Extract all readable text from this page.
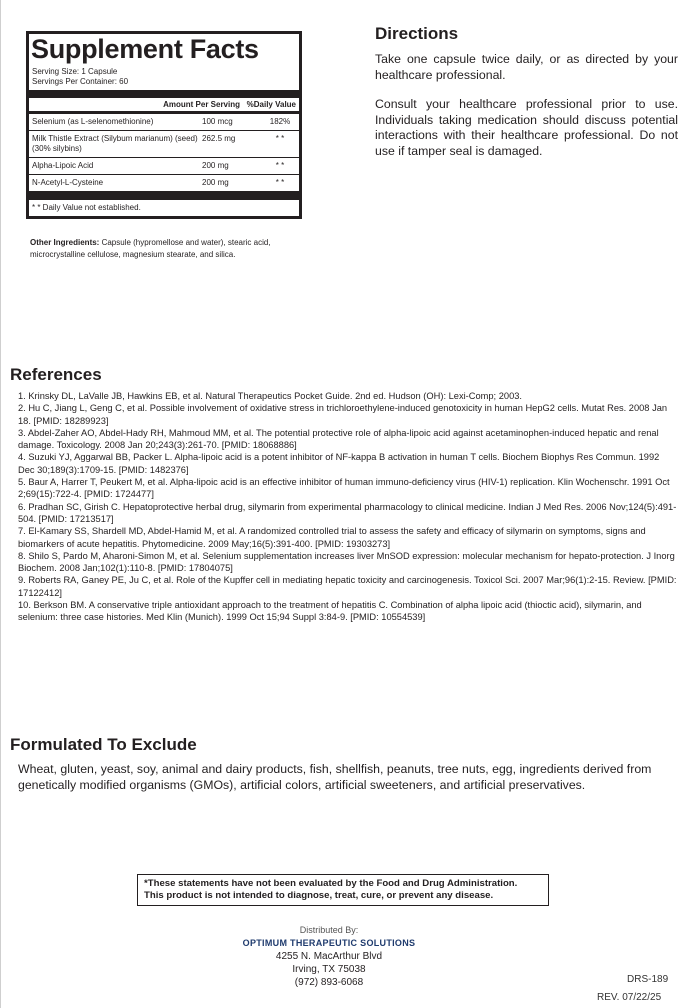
Supplement Facts
Serving Size: 1 Capsule
Servings Per Container: 60
Amount Per Serving %Daily Value
Selenium (as L-selenomethionine)	100 mcg	182%
Milk Thistle Extract (Silybum marianum) (seed)(30% silybins)
262.5 mg	* *
Alpha-Lipoic Acid	200 mg	* *
N-Acetyl-L-Cysteine	200 mg	* *
* * Daily Value not established.
Other Ingredients: Capsule (hypromellose and water), stearic acid, microcrystalline cellulose, magnesium stearate, and silica.
Directions

Take one capsule twice daily, or as directed by your healthcare professional.

Consult your healthcare professional prior to use. Individuals taking medication should discuss potential interactions with their healthcare professional. Do not use if tamper seal is damaged.

References
1. Krinsky DL, LaValle JB, Hawkins EB, et al. Natural Therapeutics Pocket Guide. 2nd ed. Hudson (OH): Lexi-Comp; 2003.
2. Hu C, Jiang L, Geng C, et al. Possible involvement of oxidative stress in trichloroethylene-induced genotoxicity in human HepG2 cells. Mutat Res. 2008 Jan 18. [PMID: 18289923]
3. Abdel-Zaher AO, Abdel-Hady RH, Mahmoud MM, et al. The potential protective role of alpha-lipoic acid against acetaminophen-induced hepatic and renal damage. Toxicology. 2008 Jan 20;243(3):261-70. [PMID: 18068886]
4. Suzuki YJ, Aggarwal BB, Packer L. Alpha-lipoic acid is a potent inhibitor of NF-kappa B activation in human T cells. Biochem Biophys Res Commun. 1992 Dec 30;189(3):1709-15. [PMID: 1482376]
5. Baur A, Harrer T, Peukert M, et al. Alpha-lipoic acid is an effective inhibitor of human immuno-deficiency virus (HIV-1) replication. Klin Wochenschr. 1991 Oct 2;69(15):722-4. [PMID: 1724477]
6. Pradhan SC, Girish C. Hepatoprotective herbal drug, silymarin from experimental pharmacology to clinical medicine. Indian J Med Res. 2006 Nov;124(5):491-504. [PMID: 17213517]
7. El-Kamary SS, Shardell MD, Abdel-Hamid M, et al. A randomized controlled trial to assess the safety and efficacy of silymarin on symptoms, signs and biomarkers of acute hepatitis. Phytomedicine. 2009 May;16(5):391-400. [PMID: 19303273]
8. Shilo S, Pardo M, Aharoni-Simon M, et al. Selenium supplementation increases liver MnSOD expression: molecular mechanism for hepato-protection. J Inorg Biochem. 2008 Jan;102(1):110-8. [PMID: 17804075]
9. Roberts RA, Ganey PE, Ju C, et al. Role of the Kupffer cell in mediating hepatic toxicity and carcinogenesis. Toxicol Sci. 2007 Mar;96(1):2-15. Review. [PMID: 17122412]
10. Berkson BM. A conservative triple antioxidant approach to the treatment of hepatitis C. Combination of alpha lipoic acid (thioctic acid), silymarin, and selenium: three case histories. Med Klin (Munich). 1999 Oct 15;94 Suppl 3:84-9. [PMID: 10554539]
Formulated To Exclude

Wheat, gluten, yeast, soy, animal and dairy products, fish, shellfish, peanuts, tree nuts, egg, ingredients derived from genetically modified organisms (GMOs), artificial colors, artificial sweeteners, and artificial preservatives.

*These statements have not been evaluated by the Food and Drug Administration.
This product is not intended to diagnose, treat, cure, or prevent any disease.
Distributed By:
OPTIMUM THERAPEUTIC SOLUTIONS
4255 N. MacArthur Blvd
Irving, TX 75038
(972) 893-6068	DRS-189
REV. 07/22/25
